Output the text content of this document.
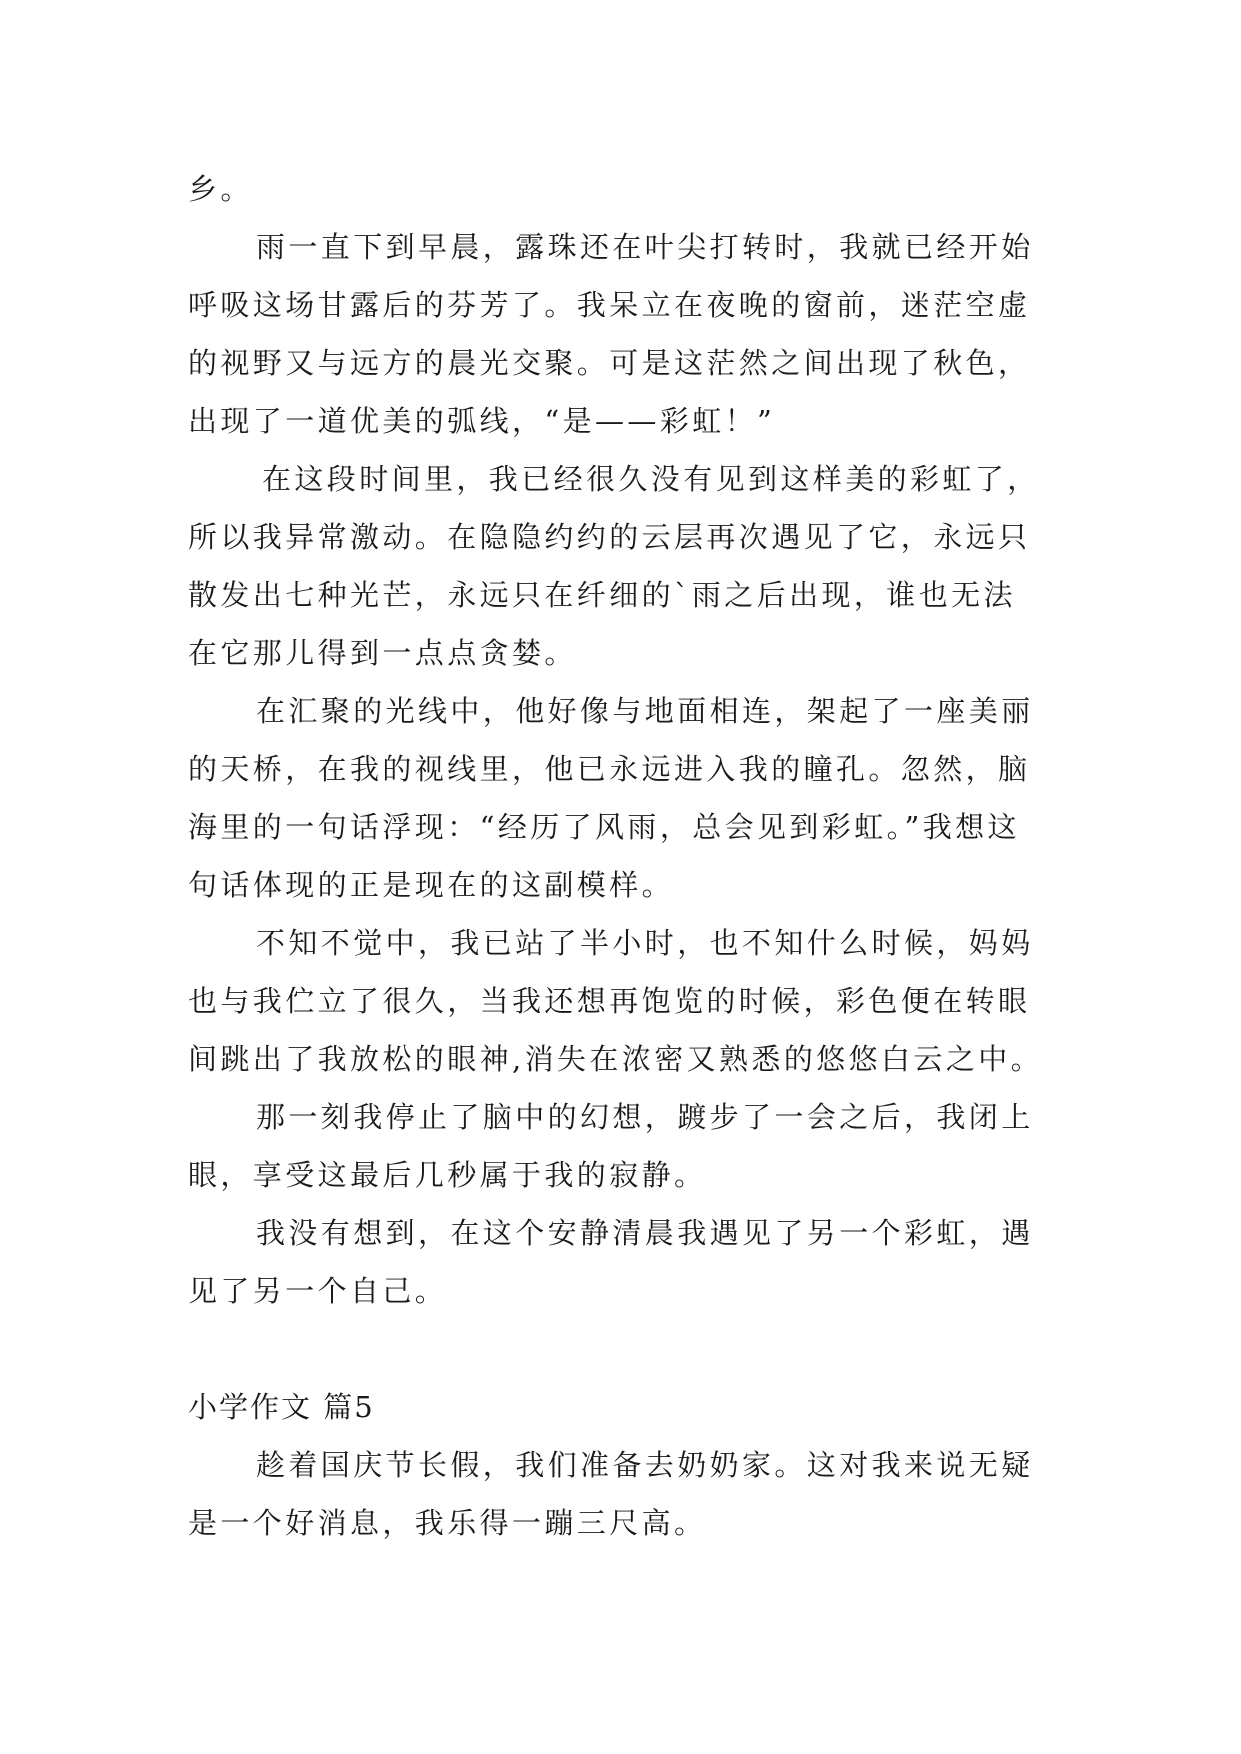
乡。
雨一直下到早晨，露珠还在叶尖打转时，我就已经开始
呼吸这场甘露后的芬芳了。我呆立在夜晚的窗前，迷茫空虚
的视野又与远方的晨光交聚。可是这茫然之间出现了秋色，
出现了一道优美的弧线，“是——彩虹！”
在这段时间里，我已经很久没有见到这样美的彩虹了，
所以我异常激动。在隐隐约约的云层再次遇见了它，永远只
散发出七种光芒，永远只在纤细的`雨之后出现，谁也无法
在它那儿得到一点点贪婪。
在汇聚的光线中，他好像与地面相连，架起了一座美丽
的天桥，在我的视线里，他已永远进入我的瞳孔。忽然，脑
海里的一句话浮现：“经历了风雨，总会见到彩虹。”我想这
句话体现的正是现在的这副模样。
不知不觉中，我已站了半小时，也不知什么时候，妈妈
也与我伫立了很久，当我还想再饱览的时候，彩色便在转眼
间跳出了我放松的眼神,消失在浓密又熟悉的悠悠白云之中。
那一刻我停止了脑中的幻想，踱步了一会之后，我闭上
眼，享受这最后几秒属于我的寂静。
我没有想到，在这个安静清晨我遇见了另一个彩虹，遇
见了另一个自己。
小学作文 篇5
趁着国庆节长假，我们准备去奶奶家。这对我来说无疑
是一个好消息，我乐得一蹦三尺高。
